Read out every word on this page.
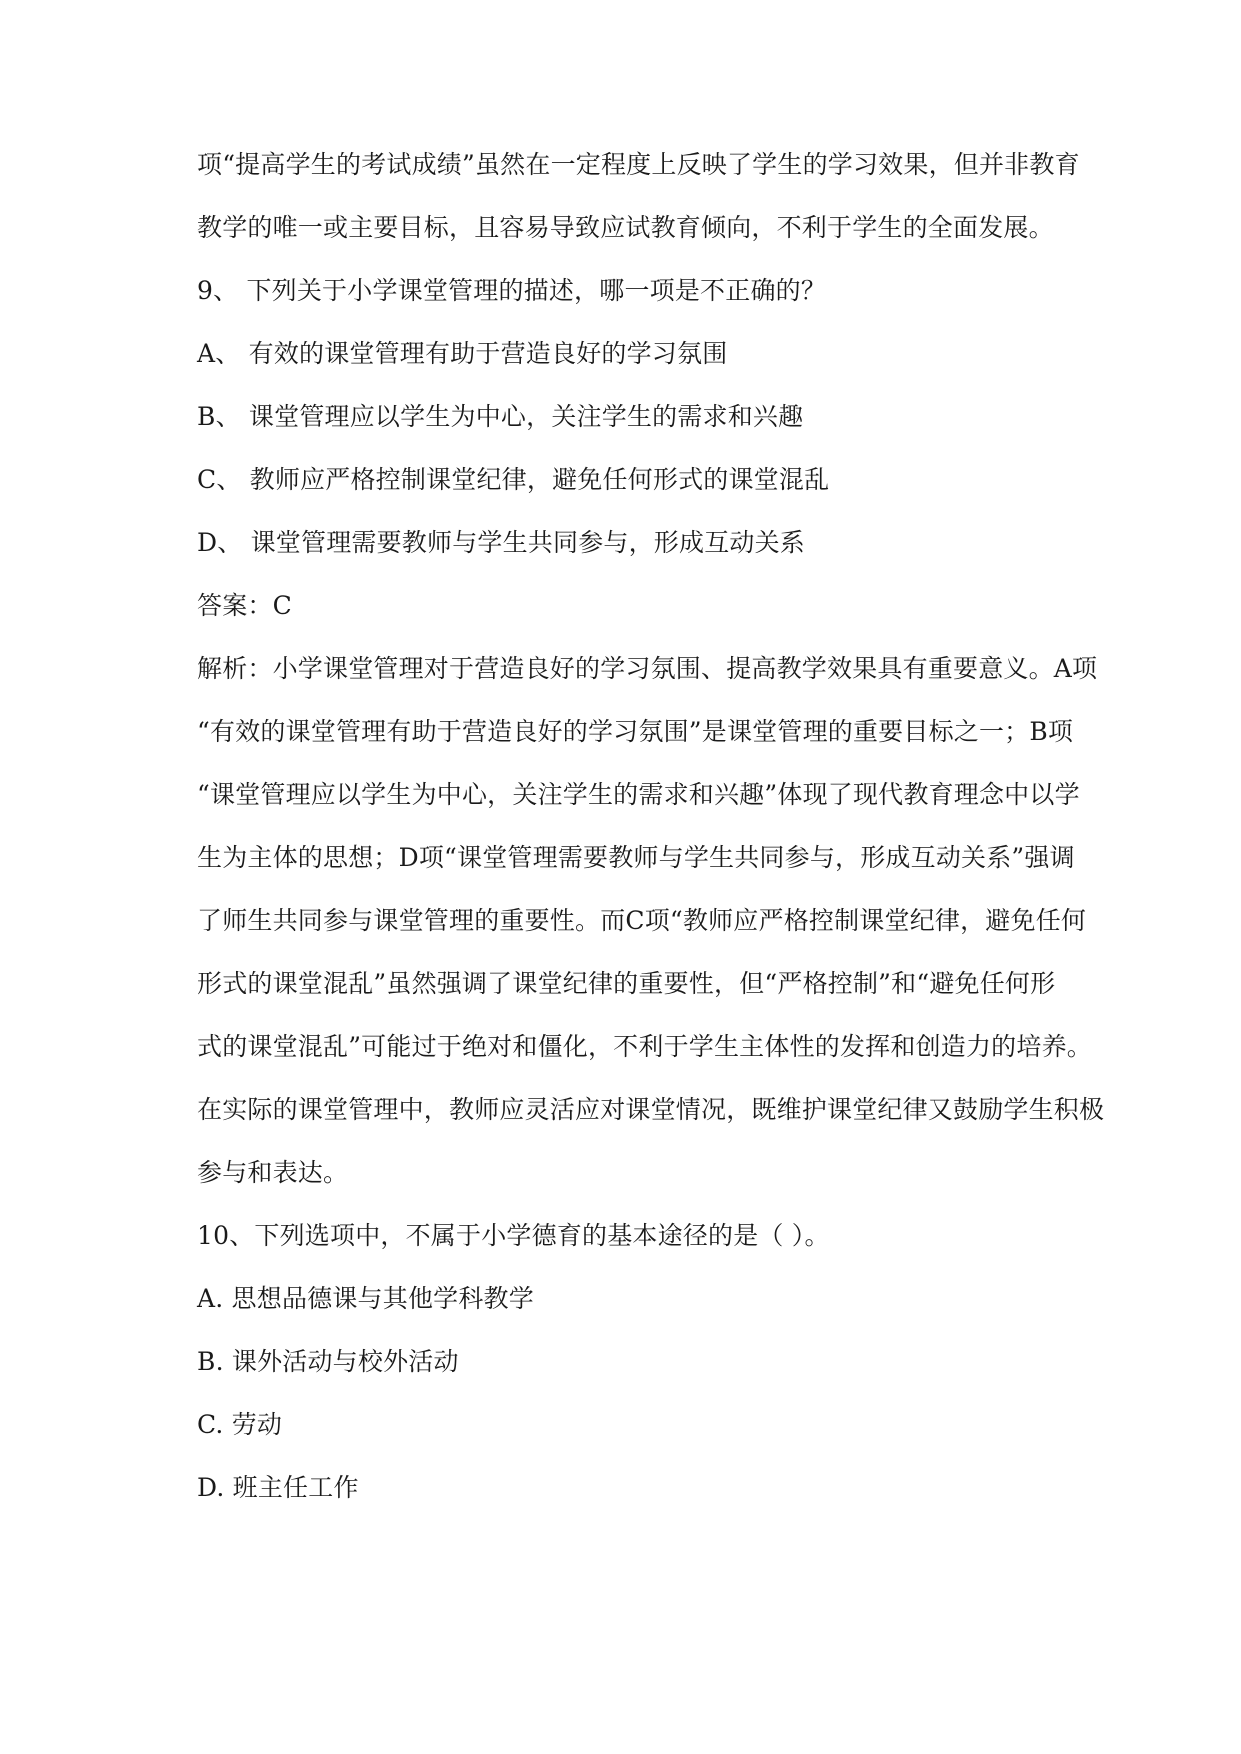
项“提高学生的考试成绩”虽然在一定程度上反映了学生的学习效果，但并非教育
教学的唯一或主要目标，且容易导致应试教育倾向，不利于学生的全面发展。
9、 下列关于小学课堂管理的描述，哪一项是不正确的？
A、 有效的课堂管理有助于营造良好的学习氛围
B、 课堂管理应以学生为中心，关注学生的需求和兴趣
C、 教师应严格控制课堂纪律，避免任何形式的课堂混乱
D、 课堂管理需要教师与学生共同参与，形成互动关系
答案：C
解析：小学课堂管理对于营造良好的学习氛围、提高教学效果具有重要意义。A项
“有效的课堂管理有助于营造良好的学习氛围”是课堂管理的重要目标之一；B项
“课堂管理应以学生为中心，关注学生的需求和兴趣”体现了现代教育理念中以学
生为主体的思想；D项“课堂管理需要教师与学生共同参与，形成互动关系”强调
了师生共同参与课堂管理的重要性。而C项“教师应严格控制课堂纪律，避免任何
形式的课堂混乱”虽然强调了课堂纪律的重要性，但“严格控制”和“避免任何形
式的课堂混乱”可能过于绝对和僵化，不利于学生主体性的发挥和创造力的培养。
在实际的课堂管理中，教师应灵活应对课堂情况，既维护课堂纪律又鼓励学生积极
参与和表达。
10、下列选项中，不属于小学德育的基本途径的是（ ）。
A. 思想品德课与其他学科教学
B. 课外活动与校外活动
C. 劳动
D. 班主任工作
